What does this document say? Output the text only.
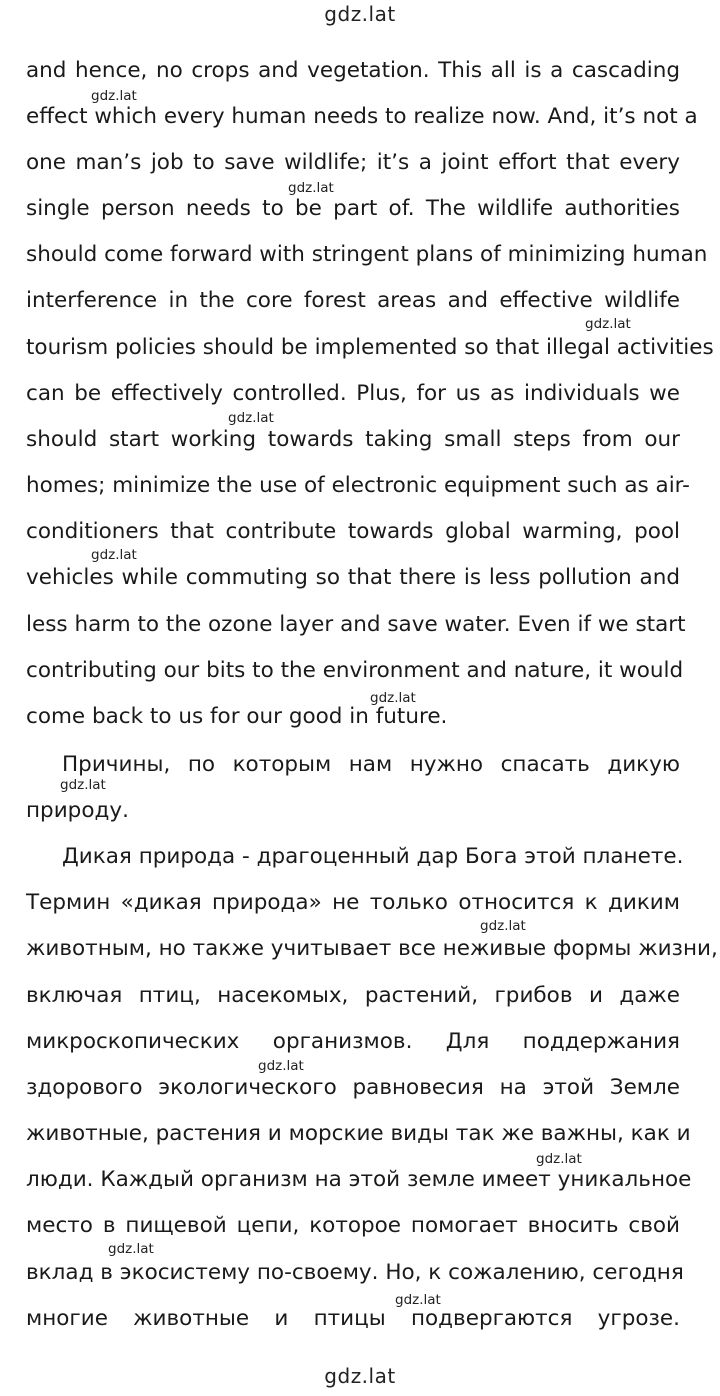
gdz.lat
and hence, no crops and vegetation. This all is a cascading
effect which every human needs to realize now. And, it’s not a
one man’s job to save wildlife; it’s a joint effort that every
single person needs to be part of. The wildlife authorities
should come forward with stringent plans of minimizing human
interference in the core forest areas and effective wildlife
tourism policies should be implemented so that illegal activities
can be effectively controlled. Plus, for us as individuals we
should start working towards taking small steps from our
homes; minimize the use of electronic equipment such as air-
conditioners that contribute towards global warming, pool
vehicles while commuting so that there is less pollution and
less harm to the ozone layer and save water. Even if we start
contributing our bits to the environment and nature, it would
come back to us for our good in future.
Причины, по которым нам нужно спасать дикую
природу.
Дикая природа - драгоценный дар Бога этой планете.
Термин «дикая природа» не только относится к диким
животным, но также учитывает все неживые формы жизни,
включая птиц, насекомых, растений, грибов и даже
микроскопических организмов. Для поддержания
здорового экологического равновесия на этой Земле
животные, растения и морские виды так же важны, как и
люди. Каждый организм на этой земле имеет уникальное
место в пищевой цепи, которое помогает вносить свой
вклад в экосистему по-своему. Но, к сожалению, сегодня
многие животные и птицы подвергаются угрозе.
gdz.lat
gdz.lat
gdz.lat
gdz.lat
gdz.lat
gdz.lat
gdz.lat
gdz.lat
gdz.lat
gdz.lat
gdz.lat
gdz.lat
gdz.lat
